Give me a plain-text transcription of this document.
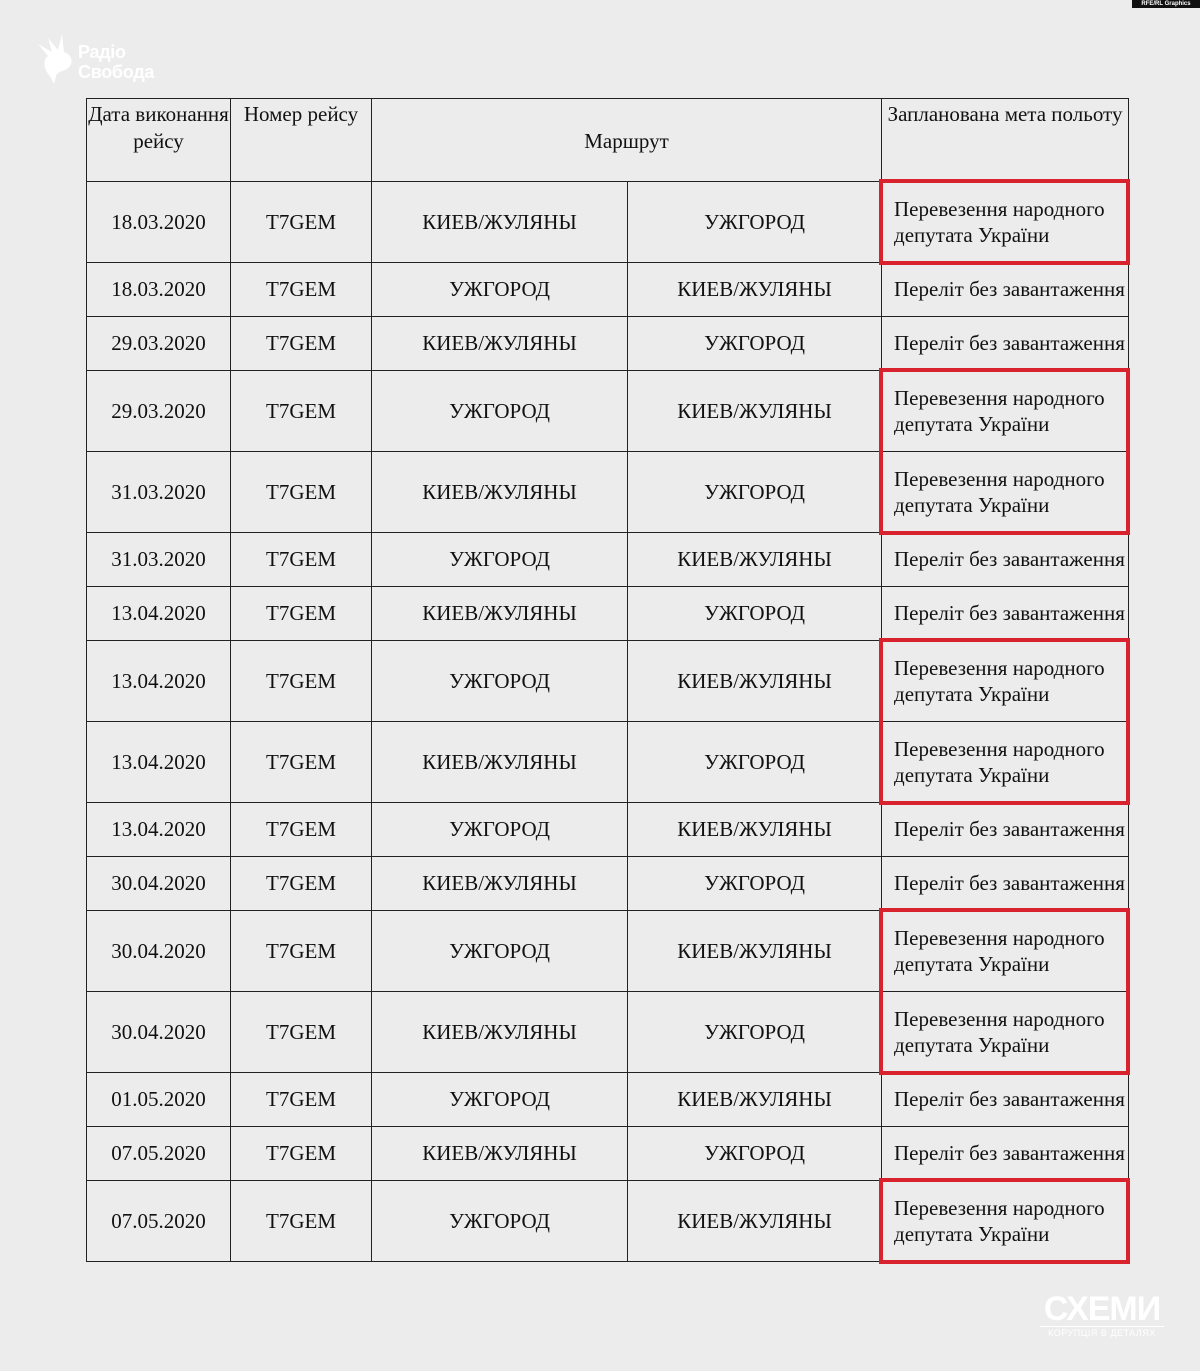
RFE/RL Graphics
Радіо
Свобода
Дата виконання рейсу	Номер рейсу	Маршрут		Запланована мета польоту
18.03.2020	T7GEM	КИЕВ/ЖУЛЯНЫ	УЖГОРОД	Перевезення народного депутата України
18.03.2020	T7GEM	УЖГОРОД	КИЕВ/ЖУЛЯНЫ	Переліт без завантаження
29.03.2020	T7GEM	КИЕВ/ЖУЛЯНЫ	УЖГОРОД	Переліт без завантаження
29.03.2020	T7GEM	УЖГОРОД	КИЕВ/ЖУЛЯНЫ	Перевезення народного депутата України
31.03.2020	T7GEM	КИЕВ/ЖУЛЯНЫ	УЖГОРОД	Перевезення народного депутата України
31.03.2020	T7GEM	УЖГОРОД	КИЕВ/ЖУЛЯНЫ	Переліт без завантаження
13.04.2020	T7GEM	КИЕВ/ЖУЛЯНЫ	УЖГОРОД	Переліт без завантаження
13.04.2020	T7GEM	УЖГОРОД	КИЕВ/ЖУЛЯНЫ	Перевезення народного депутата України
13.04.2020	T7GEM	КИЕВ/ЖУЛЯНЫ	УЖГОРОД	Перевезення народного депутата України
13.04.2020	T7GEM	УЖГОРОД	КИЕВ/ЖУЛЯНЫ	Переліт без завантаження
30.04.2020	T7GEM	КИЕВ/ЖУЛЯНЫ	УЖГОРОД	Переліт без завантаження
30.04.2020	T7GEM	УЖГОРОД	КИЕВ/ЖУЛЯНЫ	Перевезення народного депутата України
30.04.2020	T7GEM	КИЕВ/ЖУЛЯНЫ	УЖГОРОД	Перевезення народного депутата України
01.05.2020	T7GEM	УЖГОРОД	КИЕВ/ЖУЛЯНЫ	Переліт без завантаження
07.05.2020	T7GEM	КИЕВ/ЖУЛЯНЫ	УЖГОРОД	Переліт без завантаження
07.05.2020	T7GEM	УЖГОРОД	КИЕВ/ЖУЛЯНЫ	Перевезення народного депутата України
СХЕМИ
КОРУПЦІЯ В ДЕТАЛЯХ
